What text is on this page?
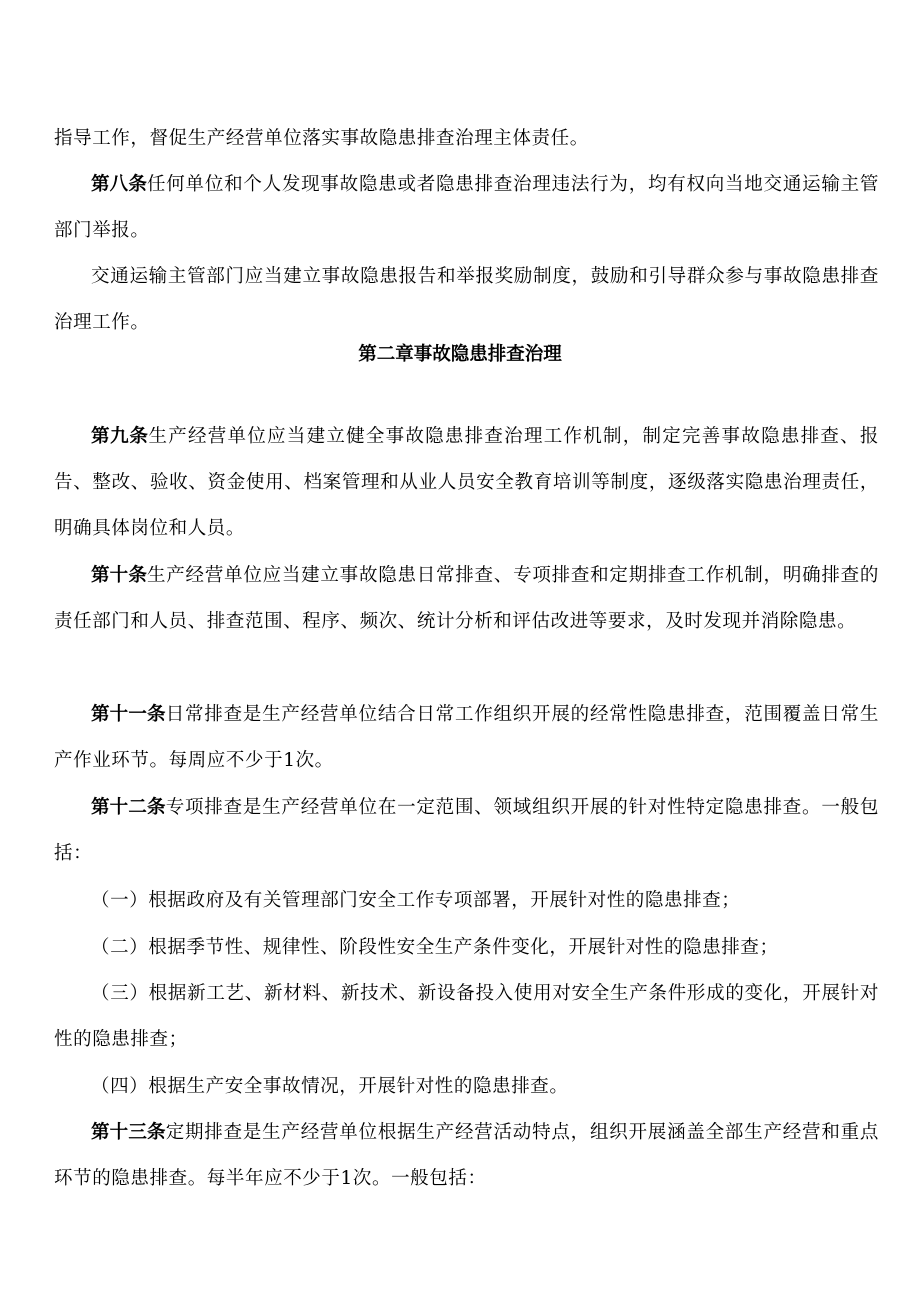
指导工作，督促生产经营单位落实事故隐患排查治理主体责任。

第八条任何单位和个人发现事故隐患或者隐患排查治理违法行为，均有权向当地交通运输主管部门举报。

交通运输主管部门应当建立事故隐患报告和举报奖励制度，鼓励和引导群众参与事故隐患排查治理工作。

第二章事故隐患排查治理

第九条生产经营单位应当建立健全事故隐患排查治理工作机制，制定完善事故隐患排查、报告、整改、验收、资金使用、档案管理和从业人员安全教育培训等制度，逐级落实隐患治理责任，明确具体岗位和人员。

第十条生产经营单位应当建立事故隐患日常排查、专项排查和定期排查工作机制，明确排查的责任部门和人员、排查范围、程序、频次、统计分析和评估改进等要求，及时发现并消除隐患。

第十一条日常排查是生产经营单位结合日常工作组织开展的经常性隐患排查，范围覆盖日常生产作业环节。每周应不少于1次。

第十二条专项排查是生产经营单位在一定范围、领域组织开展的针对性特定隐患排查。一般包括：

（一）根据政府及有关管理部门安全工作专项部署，开展针对性的隐患排查；

（二）根据季节性、规律性、阶段性安全生产条件变化，开展针对性的隐患排查；

（三）根据新工艺、新材料、新技术、新设备投入使用对安全生产条件形成的变化，开展针对性的隐患排查；

（四）根据生产安全事故情况，开展针对性的隐患排查。

第十三条定期排查是生产经营单位根据生产经营活动特点，组织开展涵盖全部生产经营和重点环节的隐患排查。每半年应不少于1次。一般包括：
